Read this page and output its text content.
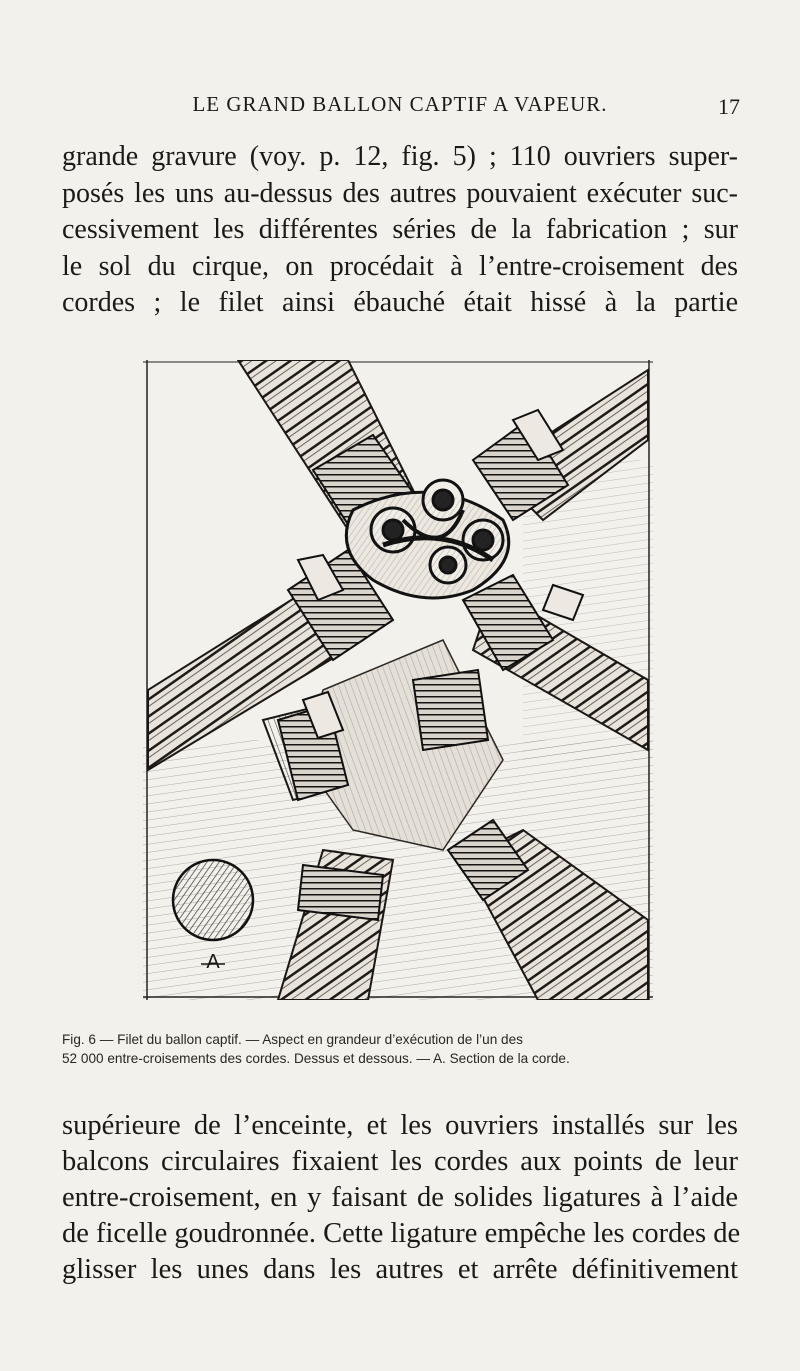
LE GRAND BALLON CAPTIF A VAPEUR.	17
grande gravure (voy. p. 12, fig. 5) ; 110 ouvriers super-
posés les uns au-dessus des autres pouvaient exécuter suc-
cessivement les différentes séries de la fabrication ; sur
le sol du cirque, on procédait à l’entre-croisement des
cordes ; le filet ainsi ébauché était hissé à la partie
A
Fig. 6 — Filet du ballon captif. — Aspect en grandeur d’exécution de l’un des
52 000 entre-croisements des cordes. Dessus et dessous. — A. Section de la corde.
supérieure de l’enceinte, et les ouvriers installés sur les
balcons circulaires fixaient les cordes aux points de leur
entre-croisement, en y faisant de solides ligatures à l’aide
de ficelle goudronnée. Cette ligature empêche les cordes de
glisser les unes dans les autres et arrête définitivement
